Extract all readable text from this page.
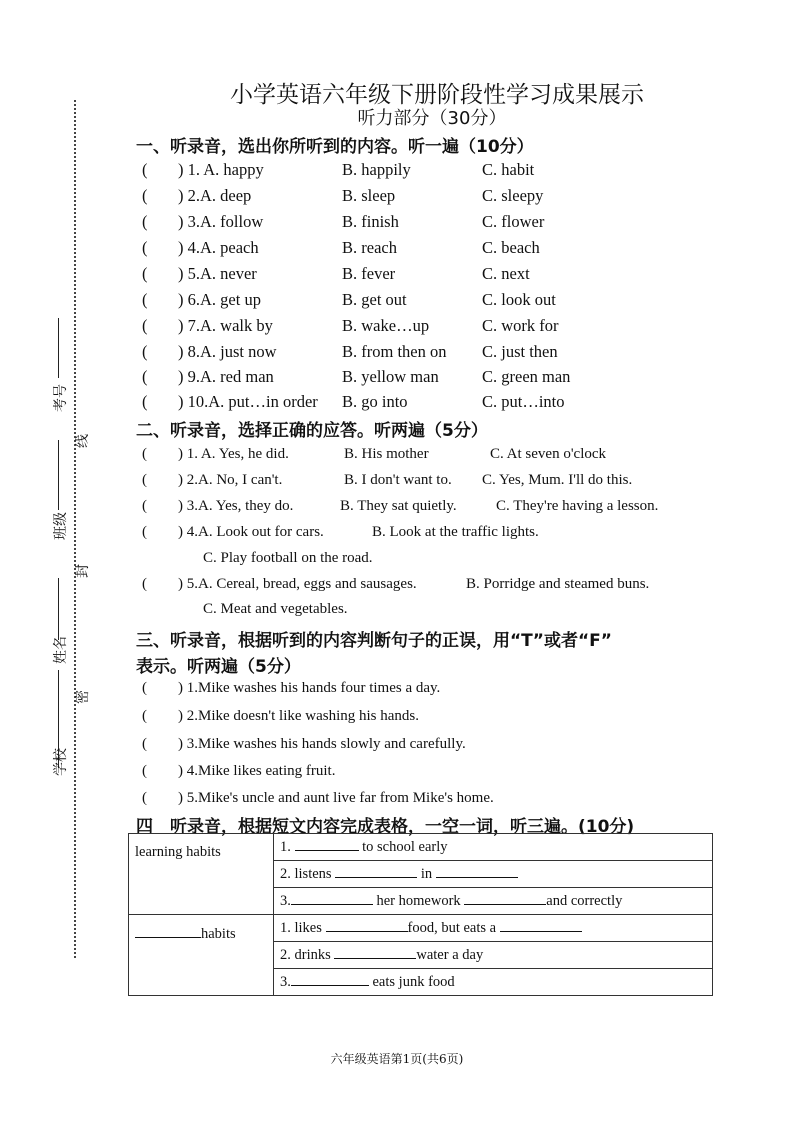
考号
线
班级
封
姓名
密
学校
小学英语六年级下册阶段性学习成果展示
听力部分（30分）
一、听录音，选出你所听到的内容。听一遍（10分）
( ) 1. A. happy	B. happily	C. habit
( ) 2.A. deep	B. sleep	C. sleepy
( ) 3.A. follow	B. finish	C. flower
( ) 4.A. peach	B. reach	C. beach
( ) 5.A. never	B. fever	C. next
( ) 6.A. get up	B. get out	C. look out
( ) 7.A. walk by	B. wake…up	C. work for
( ) 8.A. just now	B. from then on C. just then
( ) 9.A. red man	B. yellow man	C. green man
( ) 10.A. put…in order B. go into	C. put…into
二、听录音，选择正确的应答。听两遍（5分）
( ) 1. A. Yes, he did.	B. His mother	C. At seven o'clock
( ) 2.A. No, I can't.	B. I don't want to. C. Yes, Mum. I'll do this.
( ) 3.A. Yes, they do.	B. They sat quietly.	C. They're having a lesson.
( ) 4.A. Look out for cars.	B. Look at the traffic lights.
C. Play football on the road.
( ) 5.A. Cereal, bread, eggs and sausages.	B. Porridge and steamed buns.
C. Meat and vegetables.
三、听录音，根据听到的内容判断句子的正误，用“T”或者“F”
表示。听两遍（5分）
( ) 1.Mike washes his hands four times a day.
( ) 2.Mike doesn't like washing his hands.
( ) 3.Mike washes his hands slowly and carefully.
( ) 4.Mike likes eating fruit.
( ) 5.Mike's uncle and aunt live far from Mike's home.
四　听录音，根据短文内容完成表格，一空一词，听三遍。(10分)
learning habits	1. to school early
	2. listens in
	3. her homework and correctly
habits	1. likes food, but eats a
	2. drinks water a day
	3. eats junk food
六年级英语第1页(共6页)
